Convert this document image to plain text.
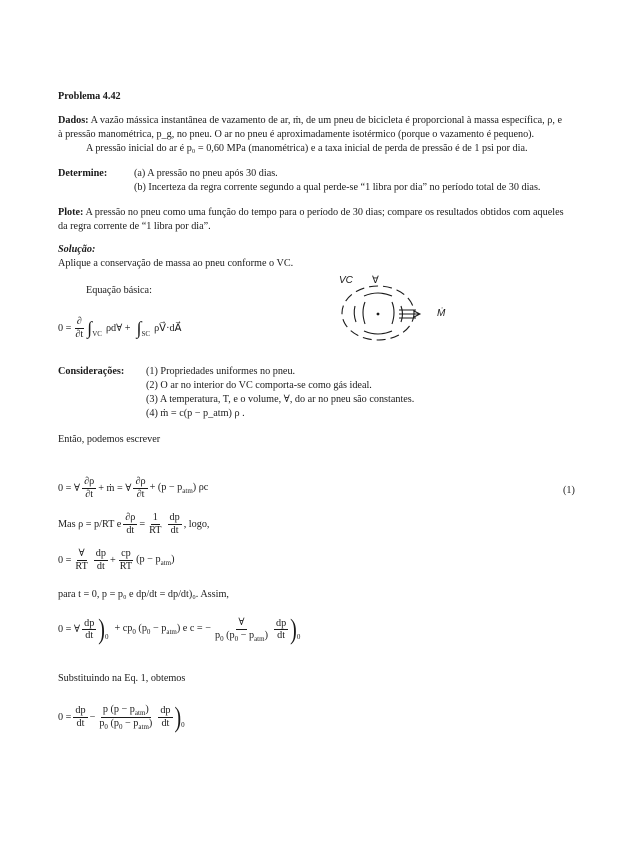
Problema 4.42
Dados: A vazão mássica instantânea de vazamento de ar, ṁ, de um pneu de bicicleta é proporcional à massa específica, ρ, e
à pressão manométrica, p_g, no pneu. O ar no pneu é aproximadamente isotérmico (porque o vazamento é pequeno).
A pressão inicial do ar é p₀ = 0,60 MPa (manométrica) e a taxa inicial de perda de pressão é de 1 psi por dia.
Determine:	(a) A pressão no pneu após 30 dias.
(b) Incerteza da regra corrente segundo a qual perde-se “1 libra por dia” no período total de 30 dias.
Plote: A pressão no pneu como uma função do tempo para o período de 30 dias; compare os resultados obtidos com aqueles
da regra corrente de “1 libra por dia”.
Solução:
Aplique a conservação de massa ao pneu conforme o VC.
Equação básica:
VC ∀
Ṁ
$0 = \frac{\partial}{\partial t} \int_{VC}$
ρd∀ + $\int_{SC}$
ρV⃗·dA⃗
Considerações: (1) Propriedades uniformes no pneu.
(2) O ar no interior do VC comporta-se como gás ideal.
(3) A temperatura, T, e o volume, ∀, do ar no pneu são constantes.
(4) ṁ = c(p − p_atm) ρ .
Então, podemos escrever
0 = ∀ $\frac{\partial\rho}{\partial t}$ + ṁ = ∀ $\frac{\partial\rho}{\partial t} + (p - p_{atm})$ ρc	(1)
Mas ρ = p/RT e $\frac{\partial\rho}{dt} = \frac{1}{RT} \frac{dp}{dt}$ , logo,
$0 = \frac{\forall}{RT} \frac{dp}{dt} + \frac{cp}{RT} (p - p_{atm})$
para t = 0, p = p₀ e dp/dt = dp/dt)₀. Assim,
0 = ∀ $\frac{dp}{dt} )_0$
+ $cp_0$ $(p_0 - p_{atm})$ e c = − $\frac{\forall}{p_0 (p_0 - p_{atm})} \frac{dp}{dt} )_0$
Substituindo na Eq. 1, obtemos
$0 = \frac{dp}{dt} - \frac{p (p - p_{atm})}{p_0 (p_0 - p_{atm})} \frac{dp}{dt} )_0$
